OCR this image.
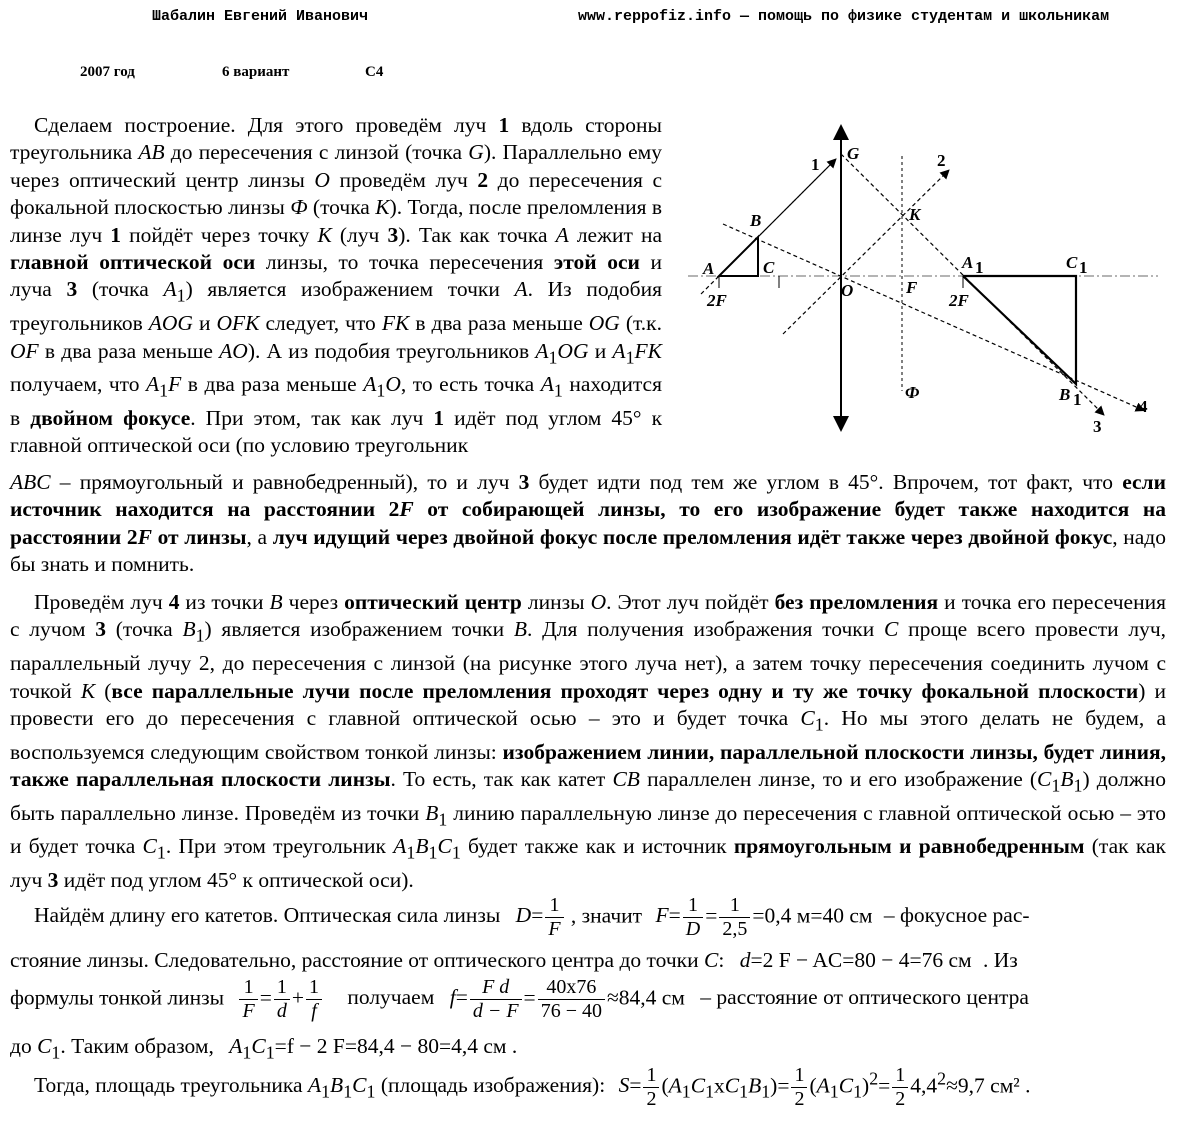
Шабалин Евгений Иванович	www.reppofiz.info — помощь по физике студентам и школьникам
2007 год	6 вариант	С4
A
B
C
2F
O	F
2F
A 1	C 1
B 1
G
K
Ф
1	2
3
4

Сделаем построение. Для этого проведём луч 1 вдоль стороны треугольника AB до пересечения с линзой (точка G). Параллельно ему через оптический центр линзы O проведём луч 2 до пересечения с фокальной плоскостью линзы Ф (точка K). Тогда, после преломления в линзе луч 1 пойдёт через точку K (луч 3). Так как точка A лежит на главной оптической оси линзы, то точка пересечения этой оси и луча 3 (точка $A_1$) является изображением точки A. Из подобия треугольников AOG и OFK следует, что FK в два раза меньше OG (т.к. OF в два раза меньше AO). А из подобия треугольников $A_1OG$ и $A_1FK$ получаем, что $A_1F$ в два раза меньше $A_1O$, то есть точка $A_1$ находится в двойном фокусе. При этом, так как луч 1 идёт под углом 45° к главной оптической оси (по условию треугольник

ABC – прямоугольный и равнобедренный), то и луч 3 будет идти под тем же углом в 45°. Впрочем, тот факт, что если источник находится на расстоянии 2F от собирающей линзы, то его изображение будет также находится на расстоянии 2F от линзы, а луч идущий через двойной фокус после преломления идёт также через двойной фокус, надо бы знать и помнить.

Проведём луч 4 из точки B через оптический центр линзы O. Этот луч пойдёт без преломления и точка его пересечения с лучом 3 (точка $B_1$) является изображением точки B. Для получения изображения точки C проще всего провести луч, параллельный лучу 2, до пересечения с линзой (на рисунке этого луча нет), а затем точку пересечения соединить лучом с точкой K (все параллельные лучи после преломления проходят через одну и ту же точку фокальной плоскости) и провести его до пересечения с главной оптической осью – это и будет точка $C_1$. Но мы этого делать не будем, а воспользуемся следующим свойством тонкой линзы: изображением линии, параллельной плоскости линзы, будет линия, также параллельная плоскости линзы. То есть, так как катет CB параллелен линзе, то и его изображение $(C_1B_1)$ должно быть параллельно линзе. Проведём из точки $B_1$ линию параллельную линзе до пересечения с главной оптической осью – это и будет точка $C_1$. При этом треугольник $A_1B_1C_1$ будет также как и источник прямоугольным и равнобедренным (так как луч 3 идёт под углом 45° к оптической оси).

Найдём длину его катетов. Оптическая сила линзы $D= \frac{1}{F}$ , значит $F= \frac{1}{D} = \frac{1}{2,5} =0,4$ м=40 см – фокусное рас-
стояние линзы. Следовательно, расстояние от оптического центра до точки C: d=2 F − AC=80 − 4=76 см . Из
формулы тонкой линзы $\frac{1}{F} = \frac{1}{d} + \frac{1}{f}$ получаем $f= \frac{\text{F d}}{d - F} = \frac{40х76}{76 - 40} \approx 84,4$ см – расстояние от оптического центра
до $C_1$. Таким образом, $A_1C_1=f - 2$ F=84,4 − 80=4,4 см .
Тогда, площадь треугольника $A_1B_1C_1$ (площадь изображения): $S= \frac{1}{2} (A_1C_1хC_1B_1)= \frac{1}{2} (A_1C_1)^2= \frac{1}{2} 4,4^2\approx 9,7$ см² .
